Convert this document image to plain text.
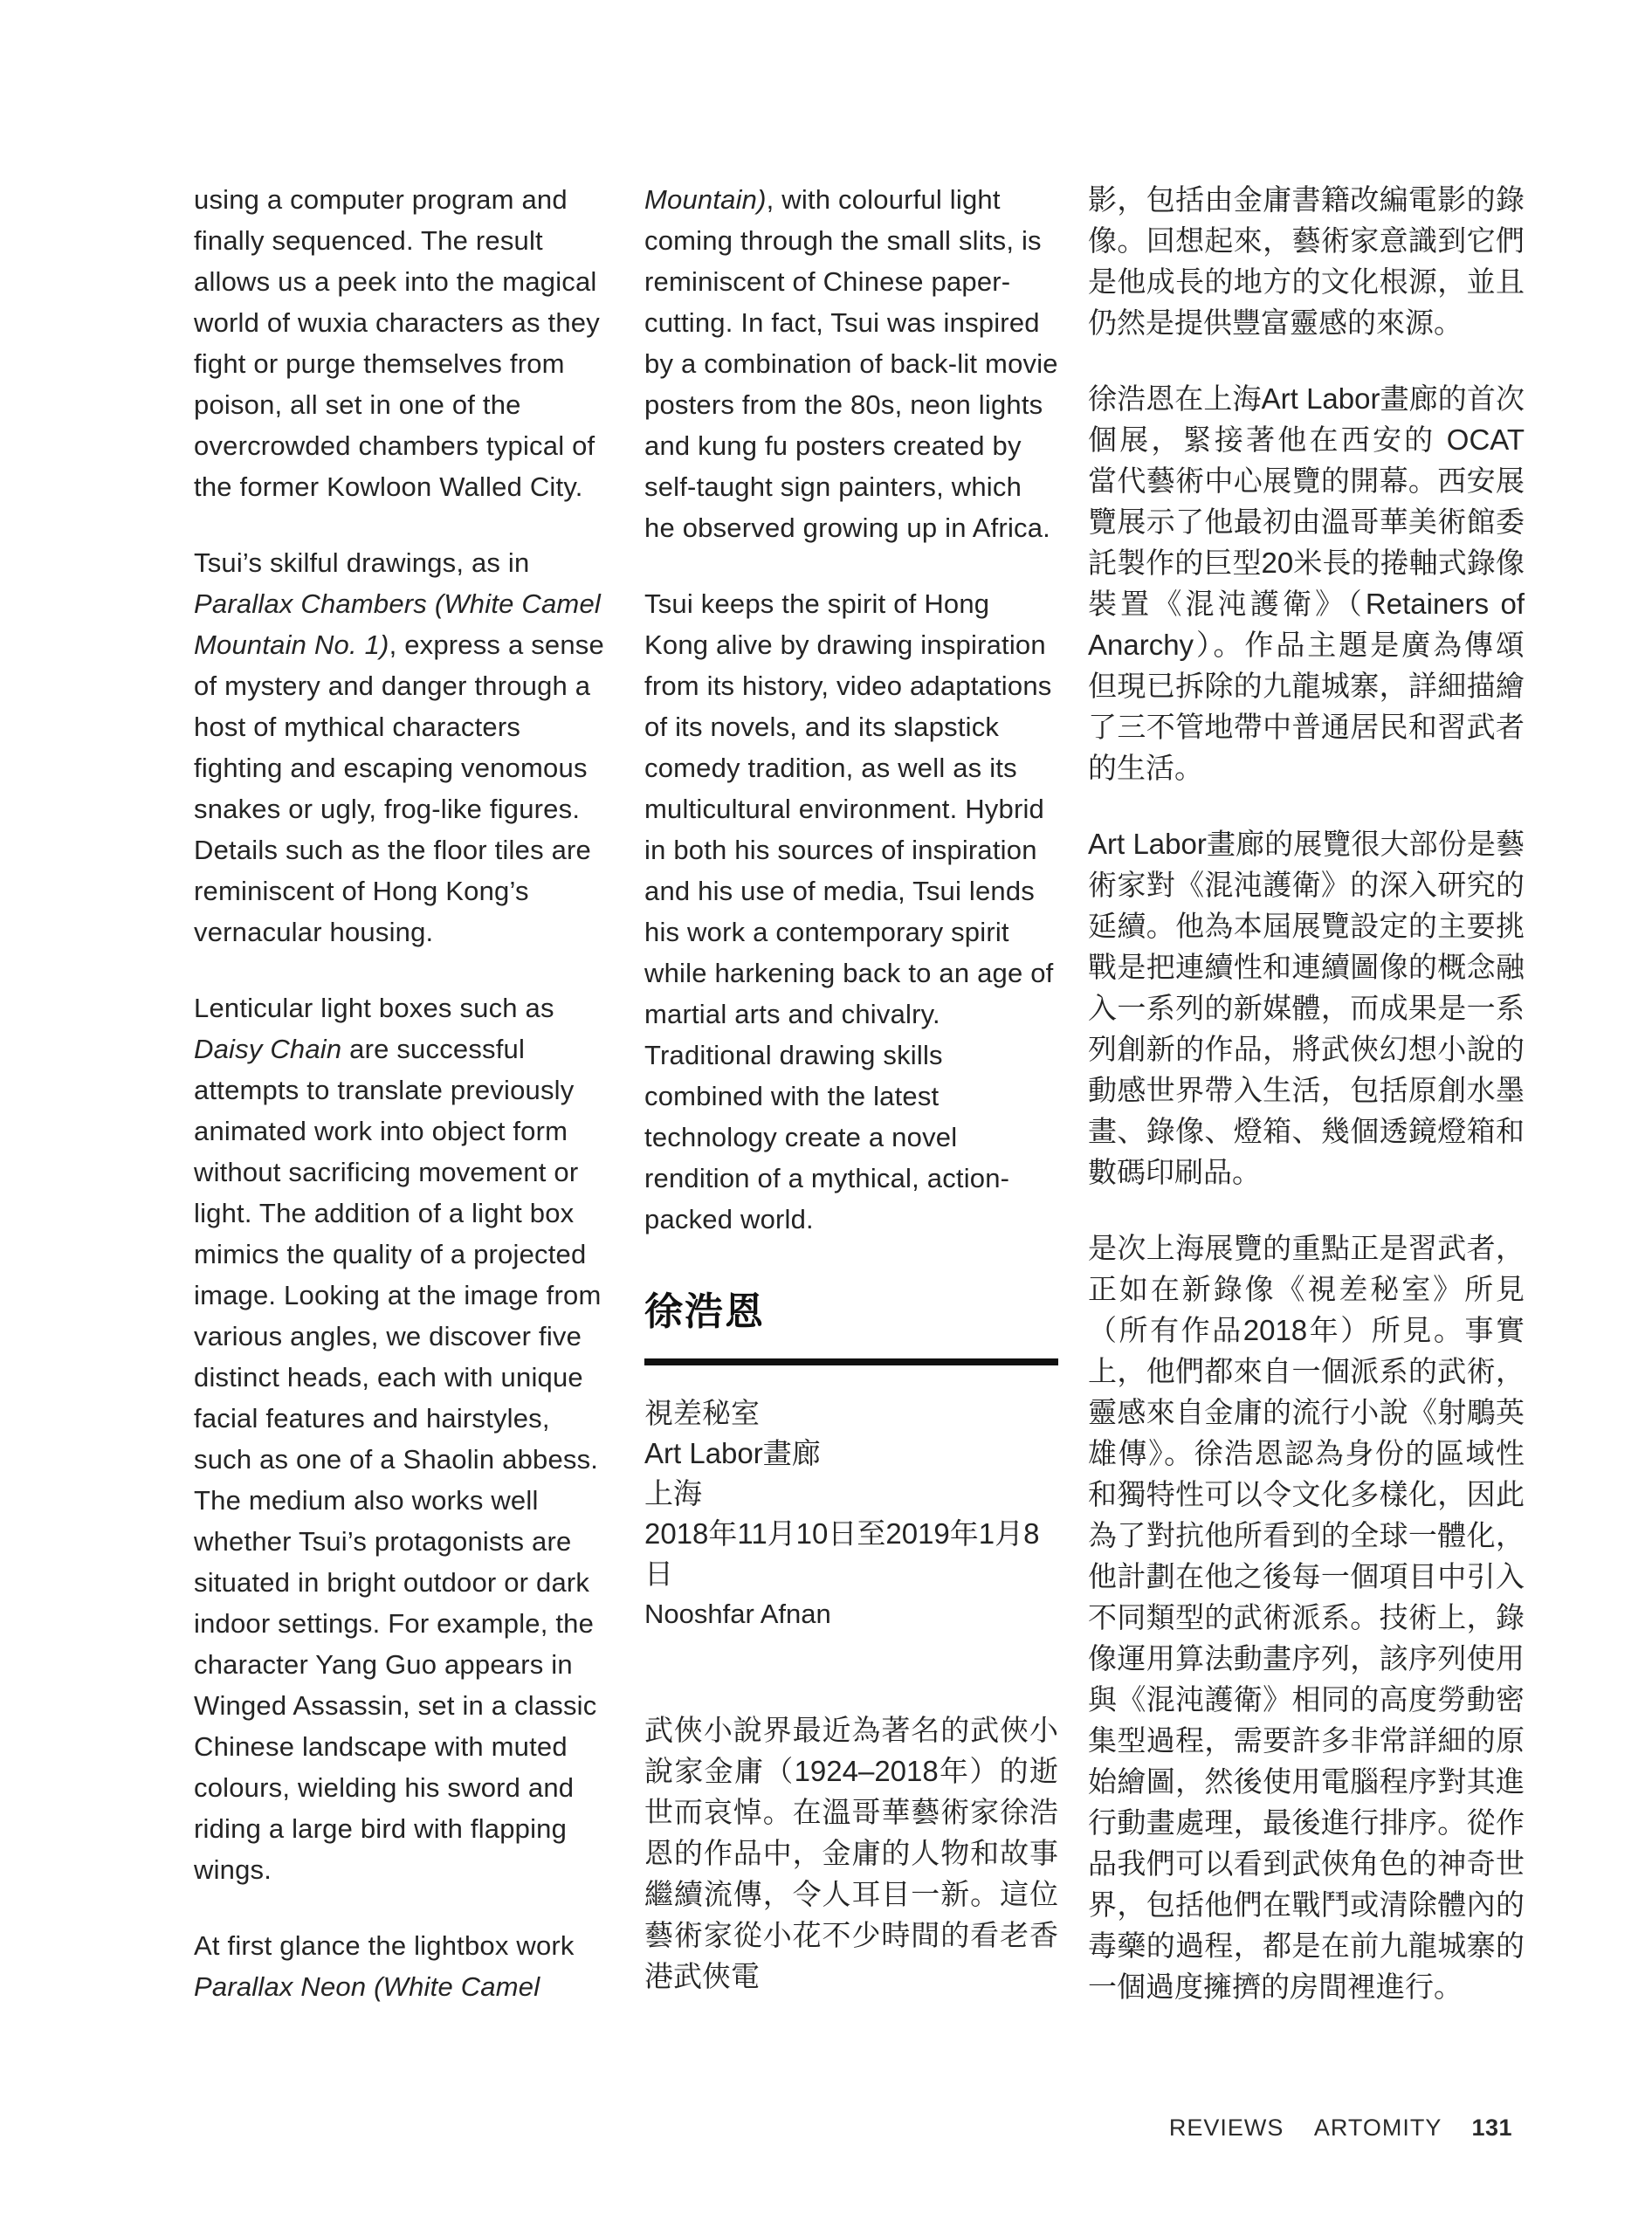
using a computer program and finally sequenced. The result allows us a peek into the magical world of wuxia characters as they fight or purge themselves from poison, all set in one of the overcrowded chambers typical of the former Kowloon Walled City.

Tsui’s skilful drawings, as in Parallax Chambers (White Camel Mountain No. 1), express a sense of mystery and danger through a host of mythical characters fighting and escaping venomous snakes or ugly, frog-like figures. Details such as the floor tiles are reminiscent of Hong Kong’s vernacular housing.

Lenticular light boxes such as Daisy Chain are successful attempts to translate previously animated work into object form without sacrificing movement or light. The addition of a light box mimics the quality of a projected image. Looking at the image from various angles, we discover five distinct heads, each with unique facial features and hairstyles, such as one of a Shaolin abbess. The medium also works well whether Tsui’s protagonists are situated in bright outdoor or dark indoor settings. For example, the character Yang Guo appears in Winged Assassin, set in a classic Chinese landscape with muted colours, wielding his sword and riding a large bird with flapping wings.

At first glance the lightbox work Parallax Neon (White Camel

Mountain), with colourful light coming through the small slits, is reminiscent of Chinese paper-cutting. In fact, Tsui was inspired by a combination of back-lit movie posters from the 80s, neon lights and kung fu posters created by self-taught sign painters, which he observed growing up in Africa.

Tsui keeps the spirit of Hong Kong alive by drawing inspiration from its history, video adaptations of its novels, and its slapstick comedy tradition, as well as its multicultural environment. Hybrid in both his sources of inspiration and his use of media, Tsui lends his work a contemporary spirit while harkening back to an age of martial arts and chivalry. Traditional drawing skills combined with the latest technology create a novel rendition of a mythical, action-packed world.

徐浩恩
視差秘室
Art Labor畫廊
上海
2018年11月10日至2019年1月8日
Nooshfar Afnan

武俠小說界最近為著名的武俠小說家金庸（1924–2018年）的逝世而哀悼。在溫哥華藝術家徐浩恩的作品中，金庸的人物和故事繼續流傳，令人耳目一新。這位藝術家從小花不少時間的看老香港武俠電

影，包括由金庸書籍改編電影的錄像。回想起來，藝術家意識到它們是他成長的地方的文化根源，並且仍然是提供豐富靈感的來源。

徐浩恩在上海Art Labor畫廊的首次個展，緊接著他在西安的 OCAT 當代藝術中心展覽的開幕。西安展覽展示了他最初由溫哥華美術館委託製作的巨型20米長的捲軸式錄像裝置《混沌護衛》（Retainers of Anarchy）。作品主題是廣為傳頌但現已拆除的九龍城寨，詳細描繪了三不管地帶中普通居民和習武者的生活。

Art Labor畫廊的展覽很大部份是藝術家對《混沌護衛》的深入研究的延續。他為本屆展覽設定的主要挑戰是把連續性和連續圖像的概念融入一系列的新媒體，而成果是一系列創新的作品，將武俠幻想小說的動感世界帶入生活，包括原創水墨畫、錄像、燈箱、幾個透鏡燈箱和數碼印刷品。

是次上海展覽的重點正是習武者，正如在新錄像《視差秘室》所見（所有作品2018年）所見。事實上，他們都來自一個派系的武術，靈感來自金庸的流行小說《射鵰英雄傳》。徐浩恩認為身份的區域性和獨特性可以令文化多樣化，因此為了對抗他所看到的全球一體化，他計劃在他之後每一個項目中引入不同類型的武術派系。技術上，錄像運用算法動畫序列，該序列使用與《混沌護衛》相同的高度勞動密集型過程，需要許多非常詳細的原始繪圖，然後使用電腦程序對其進行動畫處理，最後進行排序。從作品我們可以看到武俠角色的神奇世界，包括他們在戰鬥或清除體內的毒藥的過程，都是在前九龍城寨的一個過度擁擠的房間裡進行。

REVIEWS ARTOMITY 131
